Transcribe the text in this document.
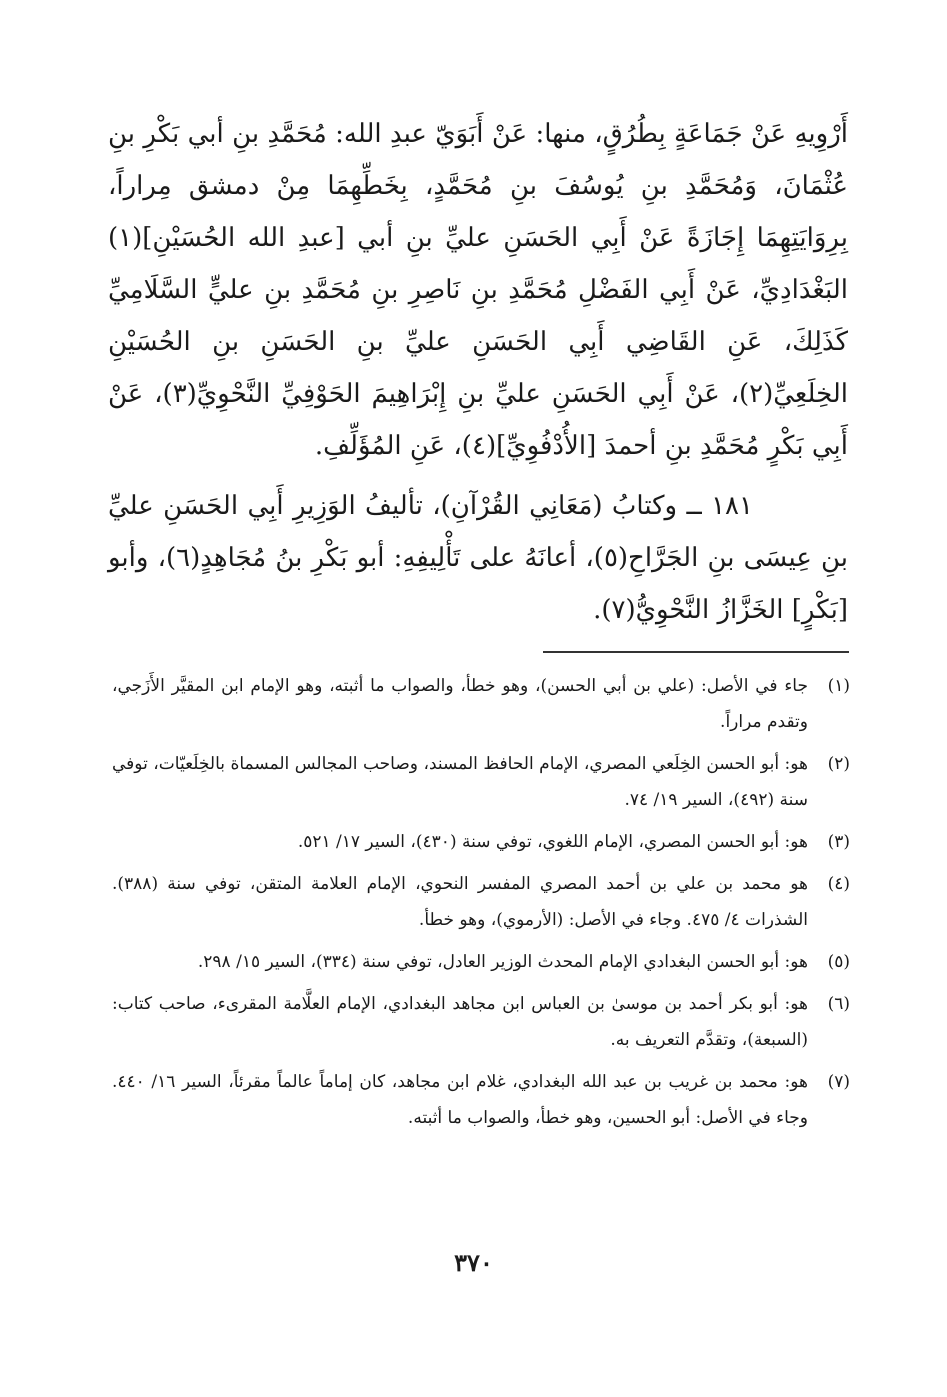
أَرْوِيهِ عَنْ جَمَاعَةٍ بِطُرُقٍ، منها: عَنْ أَبَوَيّ عبدِ الله: مُحَمَّدِ بنِ أبي بَكْرِ بنِ عُثْمَانَ، وَمُحَمَّدِ بنِ يُوسُفَ بنِ مُحَمَّدٍ، بِخَطِّهِمَا مِنْ دمشق مِراراً، بِرِوَايَتِهِمَا إِجَازَةً عَنْ أَبِي الحَسَنِ عليِّ بنِ أبي [عبدِ الله الحُسَيْنِ](١) البَغْدَادِيِّ، عَنْ أَبِي الفَضْلِ مُحَمَّدِ بنِ نَاصِرِ بنِ مُحَمَّدِ بنِ عليٍّ السَّلَامِيِّ كَذَلِكَ، عَنِ القَاضِي أَبِي الحَسَنِ عليِّ بنِ الحَسَنِ بنِ الحُسَيْنِ الخِلَعِيِّ(٢)، عَنْ أَبِي الحَسَنِ عليِّ بنِ إِبْرَاهِيمَ الحَوْفِيِّ النَّحْوِيِّ(٣)، عَنْ أَبِي بَكْرٍ مُحَمَّدِ بنِ أحمدَ [الأُدْفُوِيِّ](٤)، عَنِ المُؤَلِّفِ.

١٨١ ــ وكتابُ (مَعَانِي القُرْآنِ)، تأليفُ الوَزِيرِ أَبِي الحَسَنِ عليِّ بنِ عِيسَى بنِ الجَرَّاحِ(٥)، أعانَهُ على تَأْلِيفِهِ: أبو بَكْرِ بنُ مُجَاهِدٍ(٦)، وأبو [بَكْرٍ] الخَزَّازُ النَّحْوِيُّ(٧).

(١)
جاء في الأصل: (علي بن أبي الحسن)، وهو خطأ، والصواب ما أثبته، وهو الإمام ابن المقيَّر الأَزَجي، وتقدم مراراً.
(٢)
هو: أبو الحسن الخِلَعي المصري، الإمام الحافظ المسند، وصاحب المجالس المسماة بالخِلَعيّات، توفي سنة (٤٩٢)، السير ١٩/ ٧٤.
(٣)
هو: أبو الحسن المصري، الإمام اللغوي، توفي سنة (٤٣٠)، السير ١٧/ ٥٢١.
(٤)
هو محمد بن علي بن أحمد المصري المفسر النحوي، الإمام العلامة المتقن، توفي سنة (٣٨٨). الشذرات ٤/ ٤٧٥. وجاء في الأصل: (الأرموي)، وهو خطأ.
(٥)
هو: أبو الحسن البغدادي الإمام المحدث الوزير العادل، توفي سنة (٣٣٤)، السير ١٥/ ٢٩٨.
(٦)
هو: أبو بكر أحمد بن موسىٰ بن العباس ابن مجاهد البغدادي، الإمام العلَّامة المقرىء، صاحب كتاب: (السبعة)، وتقدَّم التعريف به.
(٧)
هو: محمد بن غريب بن عبد الله البغدادي، غلام ابن مجاهد، كان إماماً عالماً مقرئاً، السير ١٦/ ٤٤٠. وجاء في الأصل: أبو الحسين، وهو خطأ، والصواب ما أثبته.
٣٧٠
